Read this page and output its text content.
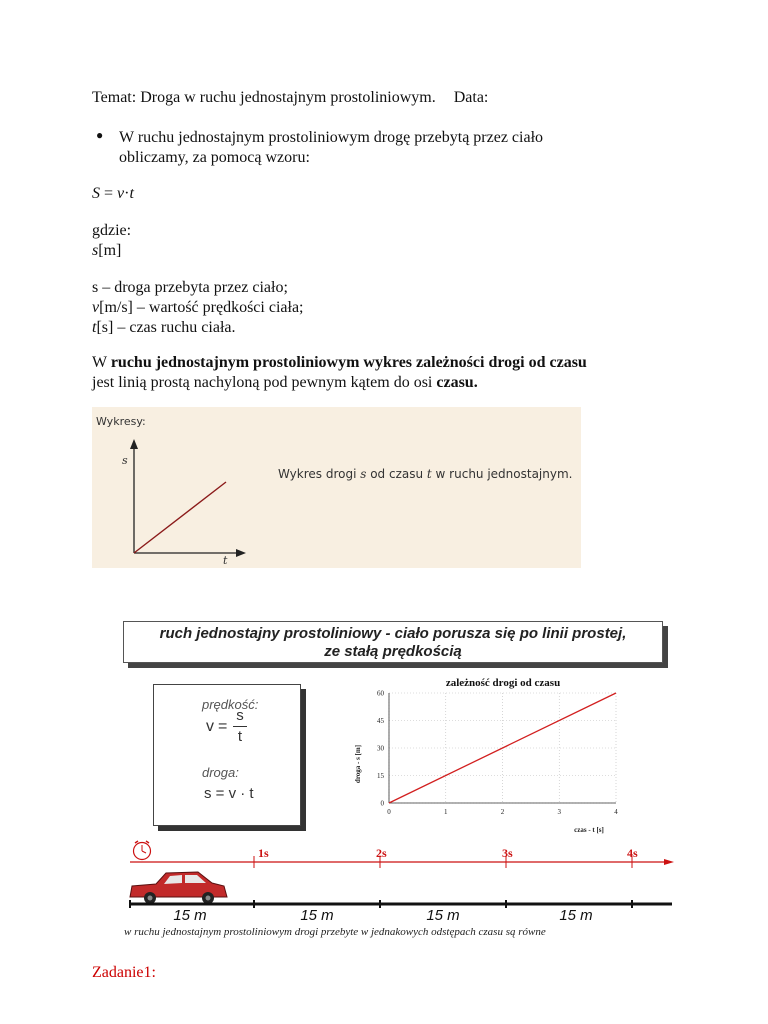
Temat: Droga w ruchu jednostajnym prostoliniowym. Data:
● W ruchu jednostajnym prostoliniowym drogę przebytą przez ciało
obliczamy, za pomocą wzoru:
S = v·t
gdzie:
s[m]
s – droga przebyta przez ciało;
v[m/s] – wartość prędkości ciała;
t[s] – czas ruchu ciała.
W ruchu jednostajnym prostoliniowym wykres zależności drogi od czasu
jest linią prostą nachyloną pod pewnym kątem do osi czasu.
Wykresy:
s
t
Wykres drogi s od czasu t w ruchu jednostajnym.
ruch jednostajny prostoliniowy - ciało porusza się po linii prostej,
ze stałą prędkością
prędkość:
v =
s
t
droga:
s = v · t
zależność drogi od czasu
droga - s [m]
czas - t [s]
0	1	2	3	4
0
15
30
45
60
1s	2s	3s	4s
15 m	15 m	15 m	15 m
w ruchu jednostajnym prostoliniowym drogi przebyte w jednakowych odstępach czasu są równe
Zadanie1:
